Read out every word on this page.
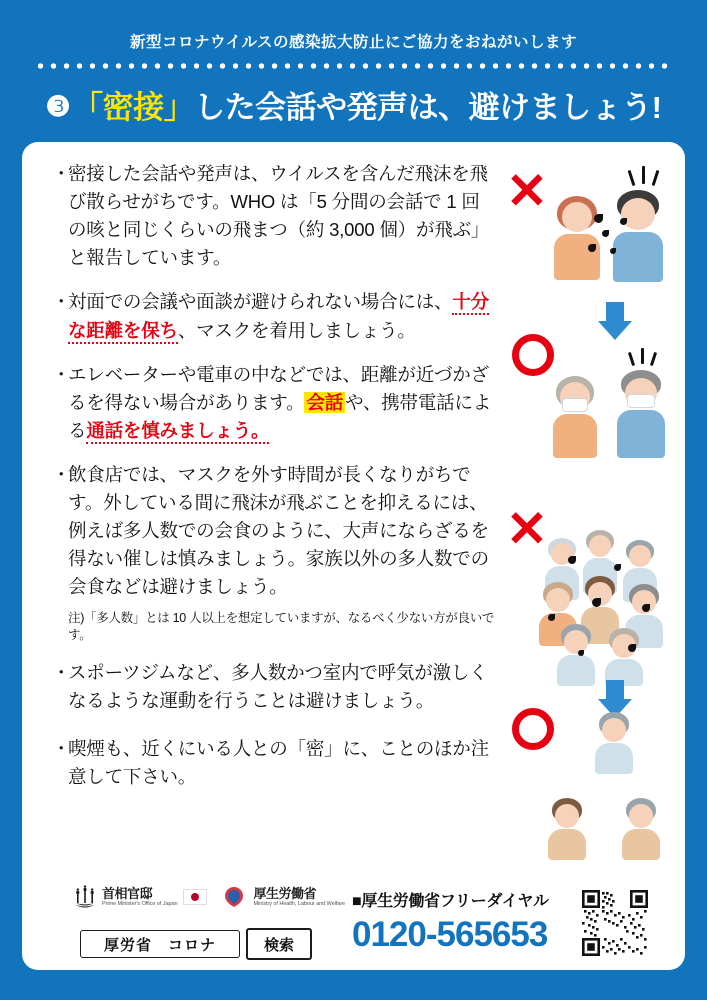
新型コロナウイルスの感染拡大防止にご協力をおねがいします
❸「密接」した会話や発声は、避けましょう!
・
密接した会話や発声は、ウイルスを含んだ飛沫を飛び散らせがちです。WHO は「5 分間の会話で 1 回の咳と同じくらいの飛まつ（約 3,000 個）が飛ぶ」と報告しています。
・
対面での会議や面談が避けられない場合には、十分な距離を保ち、マスクを着用しましょう。
・
エレベーターや電車の中などでは、距離が近づかざるを得ない場合があります。 会話 や、携帯電話による通話を慎みましょう。
・
飲食店では、マスクを外す時間が長くなりがちです。外している間に飛沫が飛ぶことを抑えるには、例えば多人数での会食のように、大声にならざるを得ない催しは慎みましょう。家族以外の多人数での会食などは避けましょう。
注)「多人数」とは 10 人以上を想定していますが、なるべく少ない方が良いです。
・
スポーツジムなど、多人数かつ室内で呼気が激しくなるような運動を行うことは避けましょう。
・
喫煙も、近くにいる人との「密」に、ことのほか注意して下さい。
✕
✕
首相官邸
Prime Minister's Office of Japan
厚生労働省
Ministry of Health, Labour and Welfare
厚労省　コロナ	検索
■厚生労働省フリーダイヤル
0120-565653
